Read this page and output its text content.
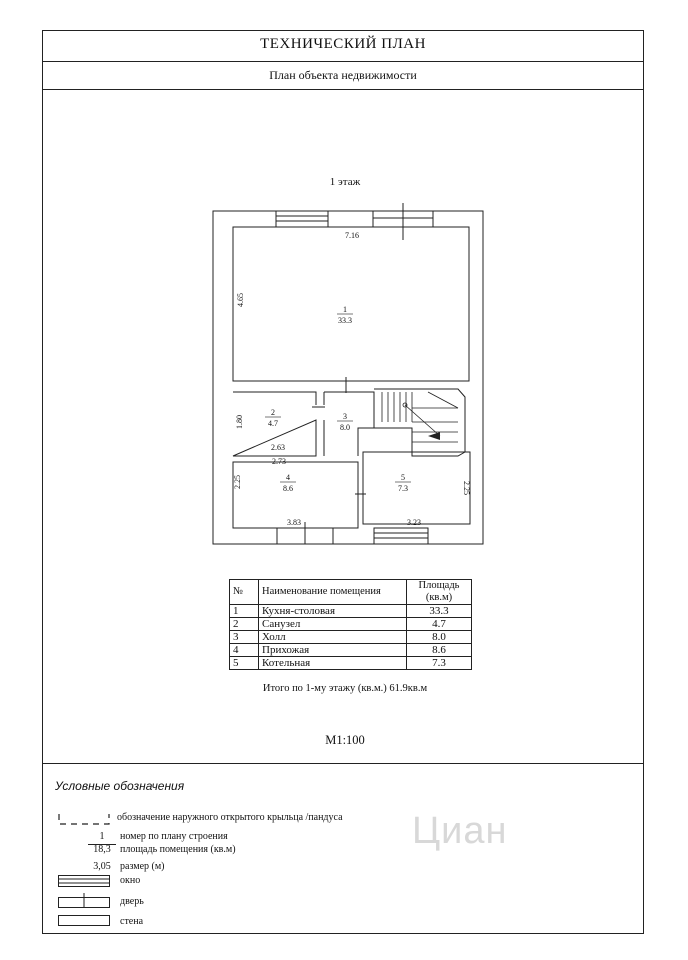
ТЕХНИЧЕСКИЙ ПЛАН
План объекта недвижимости
1 этаж
1
33.3
2
4.7
3
8.0
4
8.6
5
7.3
7.16
4.65
1.80
2.63
2.73
2.25
3.83
2.25
3.23
№	Наименование помещения	Площадь (кв.м)
1	Кухня-столовая	33.3
2	Санузел	4.7
3	Холл	8.0
4	Прихожая	8.6
5	Котельная	7.3
Итого по 1-му этажу (кв.м.) 61.9кв.м
М1:100
Условные обозначения
обозначение наружного открытого крыльца /пандуса
1
18,3
номер по плану строения
площадь помещения (кв.м)
3,05 размер (м)
окно
дверь
стена
Циан
